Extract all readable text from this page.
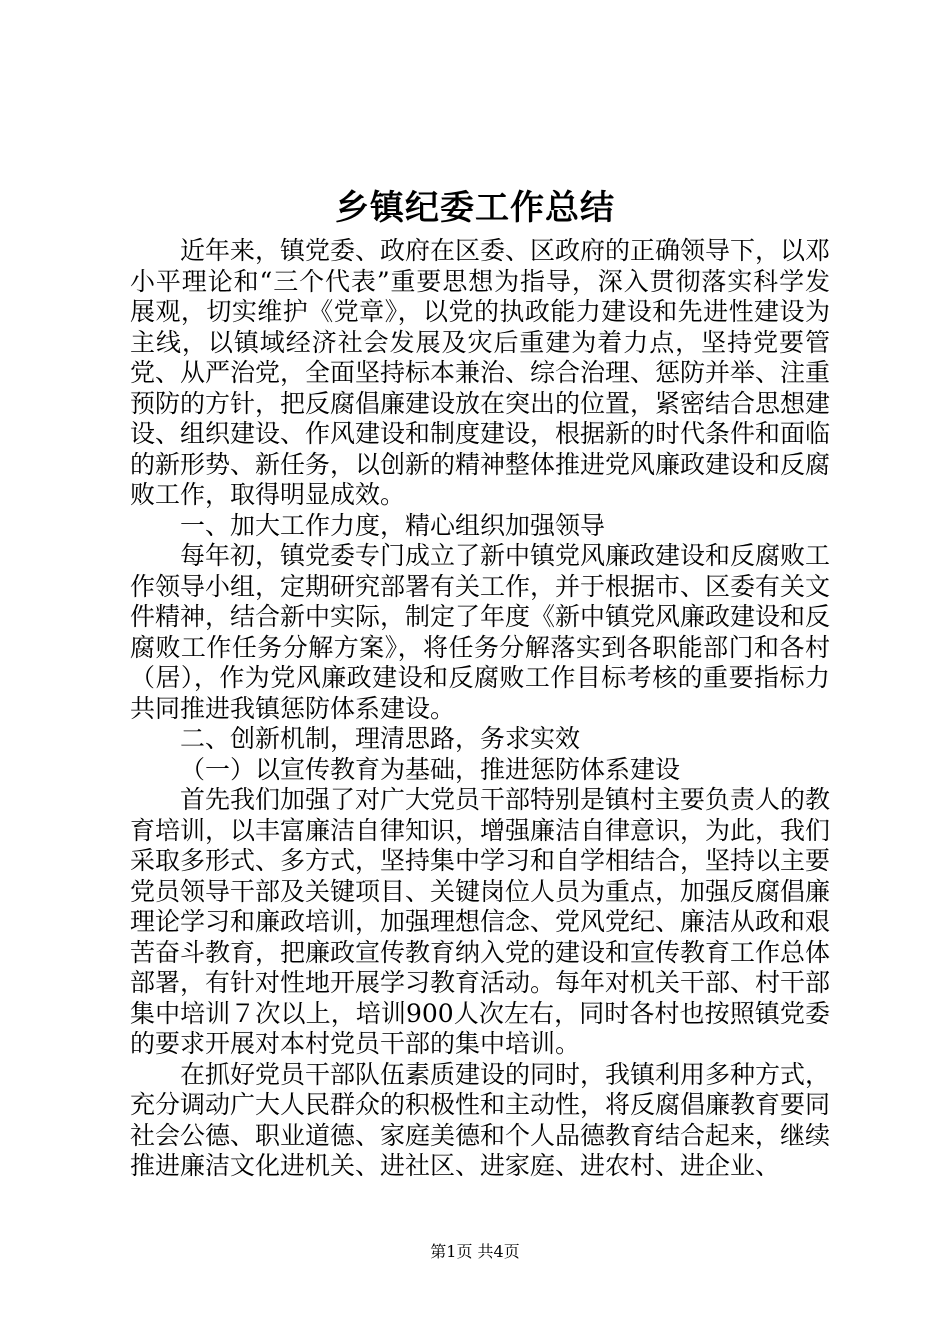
乡镇纪委工作总结

近年来，镇党委、政府在区委、区政府的正确领导下，以邓小平理论和“三个代表”重要思想为指导，深入贯彻落实科学发展观，切实维护《党章》，以党的执政能力建设和先进性建设为主线，以镇域经济社会发展及灾后重建为着力点，坚持党要管党、从严治党，全面坚持标本兼治、综合治理、惩防并举、注重预防的方针，把反腐倡廉建设放在突出的位置，紧密结合思想建设、组织建设、作风建设和制度建设，根据新的时代条件和面临的新形势、新任务，以创新的精神整体推进党风廉政建设和反腐败工作，取得明显成效。

一、加大工作力度，精心组织加强领导

每年初，镇党委专门成立了新中镇党风廉政建设和反腐败工作领导小组，定期研究部署有关工作，并于根据市、区委有关文件精神，结合新中实际，制定了年度《新中镇党风廉政建设和反腐败工作任务分解方案》，将任务分解落实到各职能部门和各村（居），作为党风廉政建设和反腐败工作目标考核的重要指标力共同推进我镇惩防体系建设。

二、创新机制，理清思路，务求实效

（一）以宣传教育为基础，推进惩防体系建设

首先我们加强了对广大党员干部特别是镇村主要负责人的教育培训，以丰富廉洁自律知识，增强廉洁自律意识，为此，我们采取多形式、多方式，坚持集中学习和自学相结合，坚持以主要党员领导干部及关键项目、关键岗位人员为重点，加强反腐倡廉理论学习和廉政培训，加强理想信念、党风党纪、廉洁从政和艰苦奋斗教育，把廉政宣传教育纳入党的建设和宣传教育工作总体部署，有针对性地开展学习教育活动。每年对机关干部、村干部集中培训７次以上，培训900人次左右，同时各村也按照镇党委的要求开展对本村党员干部的集中培训。

在抓好党员干部队伍素质建设的同时，我镇利用多种方式，充分调动广大人民群众的积极性和主动性，将反腐倡廉教育要同社会公德、职业道德、家庭美德和个人品德教育结合起来，继续推进廉洁文化进机关、进社区、进家庭、进农村、进企业、

第1页 共4页
